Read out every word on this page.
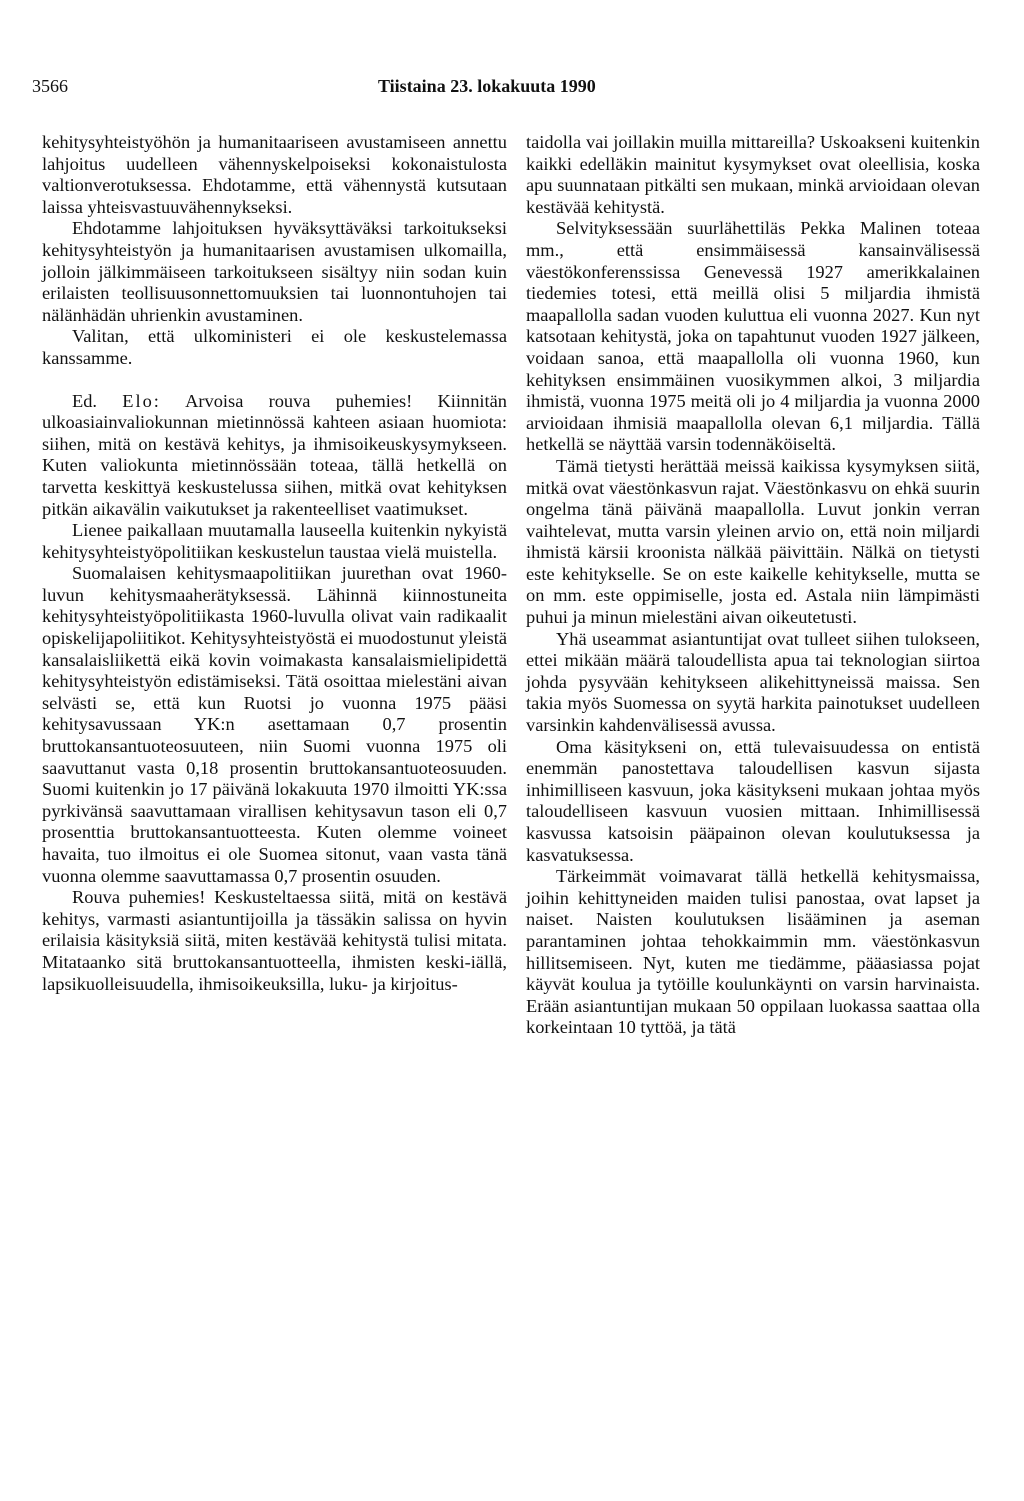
3566	Tiistaina 23. lokakuuta 1990

kehitysyhteistyöhön ja humanitaariseen avustamiseen annettu lahjoitus uudelleen vähennyskelpoiseksi kokonaistulosta valtionverotuksessa. Ehdotamme, että vähennystä kutsutaan laissa yhteisvastuuvähennykseksi.

Ehdotamme lahjoituksen hyväksyttäväksi tarkoitukseksi kehitysyhteistyön ja humanitaarisen avustamisen ulkomailla, jolloin jälkimmäiseen tarkoitukseen sisältyy niin sodan kuin erilaisten teollisuusonnettomuuksien tai luonnontuhojen tai nälänhädän uhrienkin avustaminen.

Valitan, että ulkoministeri ei ole keskustelemassa kanssamme.

Ed. Elo: Arvoisa rouva puhemies! Kiinnitän ulkoasiainvaliokunnan mietinnössä kahteen asiaan huomiota: siihen, mitä on kestävä kehitys, ja ihmisoikeuskysymykseen. Kuten valiokunta mietinnössään toteaa, tällä hetkellä on tarvetta keskittyä keskustelussa siihen, mitkä ovat kehityksen pitkän aikavälin vaikutukset ja rakenteelliset vaatimukset.

Lienee paikallaan muutamalla lauseella kuitenkin nykyistä kehitysyhteistyöpolitiikan keskustelun taustaa vielä muistella.

Suomalaisen kehitysmaapolitiikan juurethan ovat 1960-luvun kehitysmaaherätyksessä. Lähinnä kiinnostuneita kehitysyhteistyöpolitiikasta 1960-luvulla olivat vain radikaalit opiskelijapoliitikot. Kehitysyhteistyöstä ei muodostunut yleistä kansalaisliikettä eikä kovin voimakasta kansalaismielipidettä kehitysyhteistyön edistämiseksi. Tätä osoittaa mielestäni aivan selvästi se, että kun Ruotsi jo vuonna 1975 pääsi kehitysavussaan YK:n asettamaan 0,7 prosentin bruttokansantuoteosuuteen, niin Suomi vuonna 1975 oli saavuttanut vasta 0,18 prosentin bruttokansantuoteosuuden. Suomi kuitenkin jo 17 päivänä lokakuuta 1970 ilmoitti YK:ssa pyrkivänsä saavuttamaan virallisen kehitysavun tason eli 0,7 prosenttia bruttokansantuotteesta. Kuten olemme voineet havaita, tuo ilmoitus ei ole Suomea sitonut, vaan vasta tänä vuonna olemme saavuttamassa 0,7 prosentin osuuden.

Rouva puhemies! Keskusteltaessa siitä, mitä on kestävä kehitys, varmasti asiantuntijoilla ja tässäkin salissa on hyvin erilaisia käsityksiä siitä, miten kestävää kehitystä tulisi mitata. Mitataanko sitä bruttokansantuotteella, ihmisten keski-iällä, lapsikuolleisuudella, ihmisoikeuksilla, luku- ja kirjoitus-

taidolla vai joillakin muilla mittareilla? Uskoakseni kuitenkin kaikki edelläkin mainitut kysymykset ovat oleellisia, koska apu suunnataan pitkälti sen mukaan, minkä arvioidaan olevan kestävää kehitystä.

Selvityksessään suurlähettiläs Pekka Malinen toteaa mm., että ensimmäisessä kansainvälisessä väestökonferenssissa Genevessä 1927 amerikkalainen tiedemies totesi, että meillä olisi 5 miljardia ihmistä maapallolla sadan vuoden kuluttua eli vuonna 2027. Kun nyt katsotaan kehitystä, joka on tapahtunut vuoden 1927 jälkeen, voidaan sanoa, että maapallolla oli vuonna 1960, kun kehityksen ensimmäinen vuosikymmen alkoi, 3 miljardia ihmistä, vuonna 1975 meitä oli jo 4 miljardia ja vuonna 2000 arvioidaan ihmisiä maapallolla olevan 6,1 miljardia. Tällä hetkellä se näyttää varsin todennäköiseltä.

Tämä tietysti herättää meissä kaikissa kysymyksen siitä, mitkä ovat väestönkasvun rajat. Väestönkasvu on ehkä suurin ongelma tänä päivänä maapallolla. Luvut jonkin verran vaihtelevat, mutta varsin yleinen arvio on, että noin miljardi ihmistä kärsii kroonista nälkää päivittäin. Nälkä on tietysti este kehitykselle. Se on este kaikelle kehitykselle, mutta se on mm. este oppimiselle, josta ed. Astala niin lämpimästi puhui ja minun mielestäni aivan oikeutetusti.

Yhä useammat asiantuntijat ovat tulleet siihen tulokseen, ettei mikään määrä taloudellista apua tai teknologian siirtoa johda pysyvään kehitykseen alikehittyneissä maissa. Sen takia myös Suomessa on syytä harkita painotukset uudelleen varsinkin kahdenvälisessä avussa.

Oma käsitykseni on, että tulevaisuudessa on entistä enemmän panostettava taloudellisen kasvun sijasta inhimilliseen kasvuun, joka käsitykseni mukaan johtaa myös taloudelliseen kasvuun vuosien mittaan. Inhimillisessä kasvussa katsoisin pääpainon olevan koulutuksessa ja kasvatuksessa.

Tärkeimmät voimavarat tällä hetkellä kehitysmaissa, joihin kehittyneiden maiden tulisi panostaa, ovat lapset ja naiset. Naisten koulutuksen lisääminen ja aseman parantaminen johtaa tehokkaimmin mm. väestönkasvun hillitsemiseen. Nyt, kuten me tiedämme, pääasiassa pojat käyvät koulua ja tytöille koulunkäynti on varsin harvinaista. Erään asiantuntijan mukaan 50 oppilaan luokassa saattaa olla korkeintaan 10 tyttöä, ja tätä
